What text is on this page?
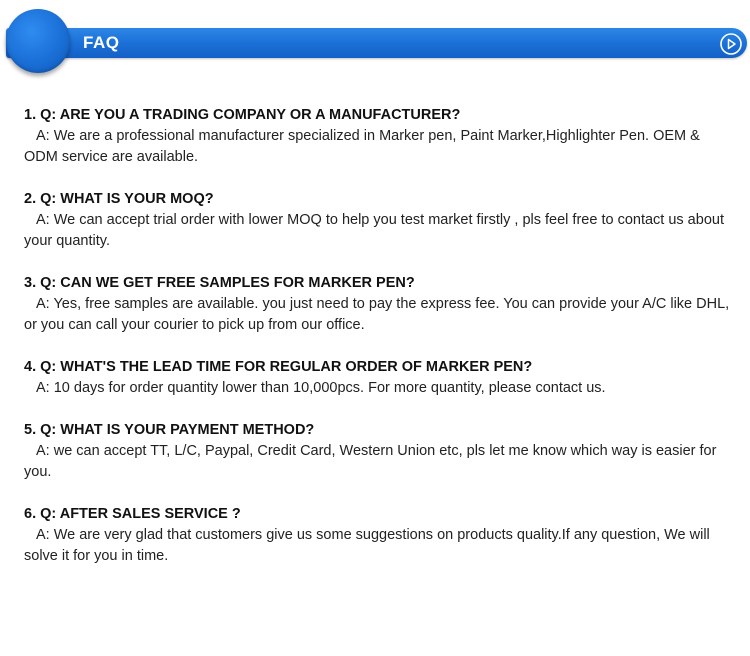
FAQ
1. Q: ARE YOU A TRADING COMPANY OR A MANUFACTURER?
A: We are a professional manufacturer specialized in Marker pen, Paint Marker,Highlighter Pen. OEM & ODM service are available.
2. Q: WHAT IS YOUR MOQ?
A: We can accept trial order with lower MOQ to help you test market firstly , pls feel free to contact us about your quantity.
3. Q: CAN WE GET FREE SAMPLES FOR MARKER PEN?
A: Yes, free samples are available. you just need to pay the express fee. You can provide your A/C like DHL, or you can call your courier to pick up from our office.
4. Q: WHAT'S THE LEAD TIME FOR REGULAR ORDER OF MARKER PEN?
A: 10 days for order quantity lower than 10,000pcs. For more quantity, please contact us.
5. Q: WHAT IS YOUR PAYMENT METHOD?
A: we can accept TT, L/C, Paypal, Credit Card, Western Union etc, pls let me know which way is easier for you.
6. Q: AFTER SALES SERVICE ?
A: We are very glad that customers give us some suggestions on products quality.If any question, We will solve it for you in time.
